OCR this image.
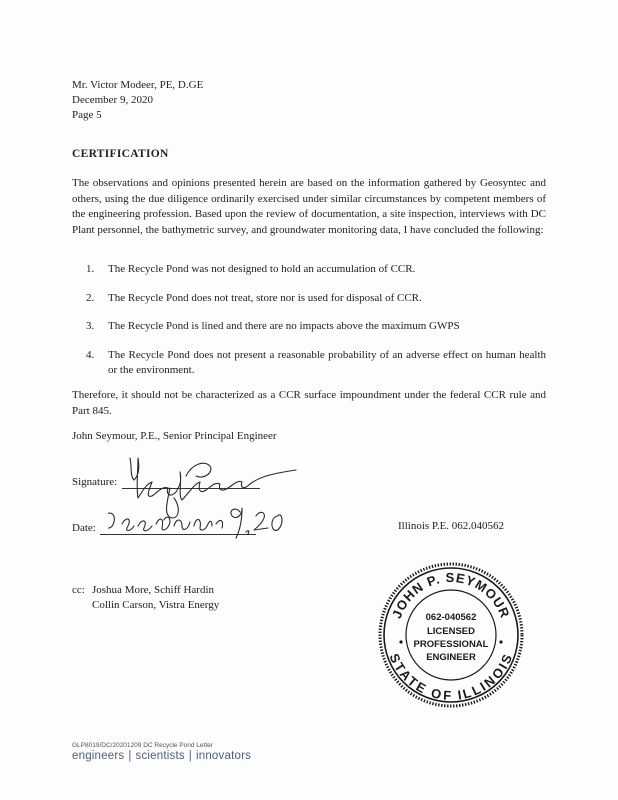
Mr. Victor Modeer, PE, D.GE
December 9, 2020
Page 5
CERTIFICATION
The observations and opinions presented herein are based on the information gathered by Geosyntec and others, using the due diligence ordinarily exercised under similar circumstances by competent members of the engineering profession. Based upon the review of documentation, a site inspection, interviews with DC Plant personnel, the bathymetric survey, and groundwater monitoring data, I have concluded the following:
1. The Recycle Pond was not designed to hold an accumulation of CCR.
2. The Recycle Pond does not treat, store nor is used for disposal of CCR.
3. The Recycle Pond is lined and there are no impacts above the maximum GWPS
4. The Recycle Pond does not present a reasonable probability of an adverse effect on human health or the environment.
Therefore, it should not be characterized as a CCR surface impoundment under the federal CCR rule and Part 845.
John Seymour, P.E., Senior Principal Engineer
Signature:
Date:	Illinois P.E. 062.040562
cc: Joshua More, Schiff Hardin
Collin Carson, Vistra Energy
JOHN P. SEYMOUR
STATE OF ILLINOIS
062-040562
LICENSED
PROFESSIONAL
ENGINEER
GLP8019/DC/20201209 DC Recycle Pond Letter
engineers | scientists | innovators
